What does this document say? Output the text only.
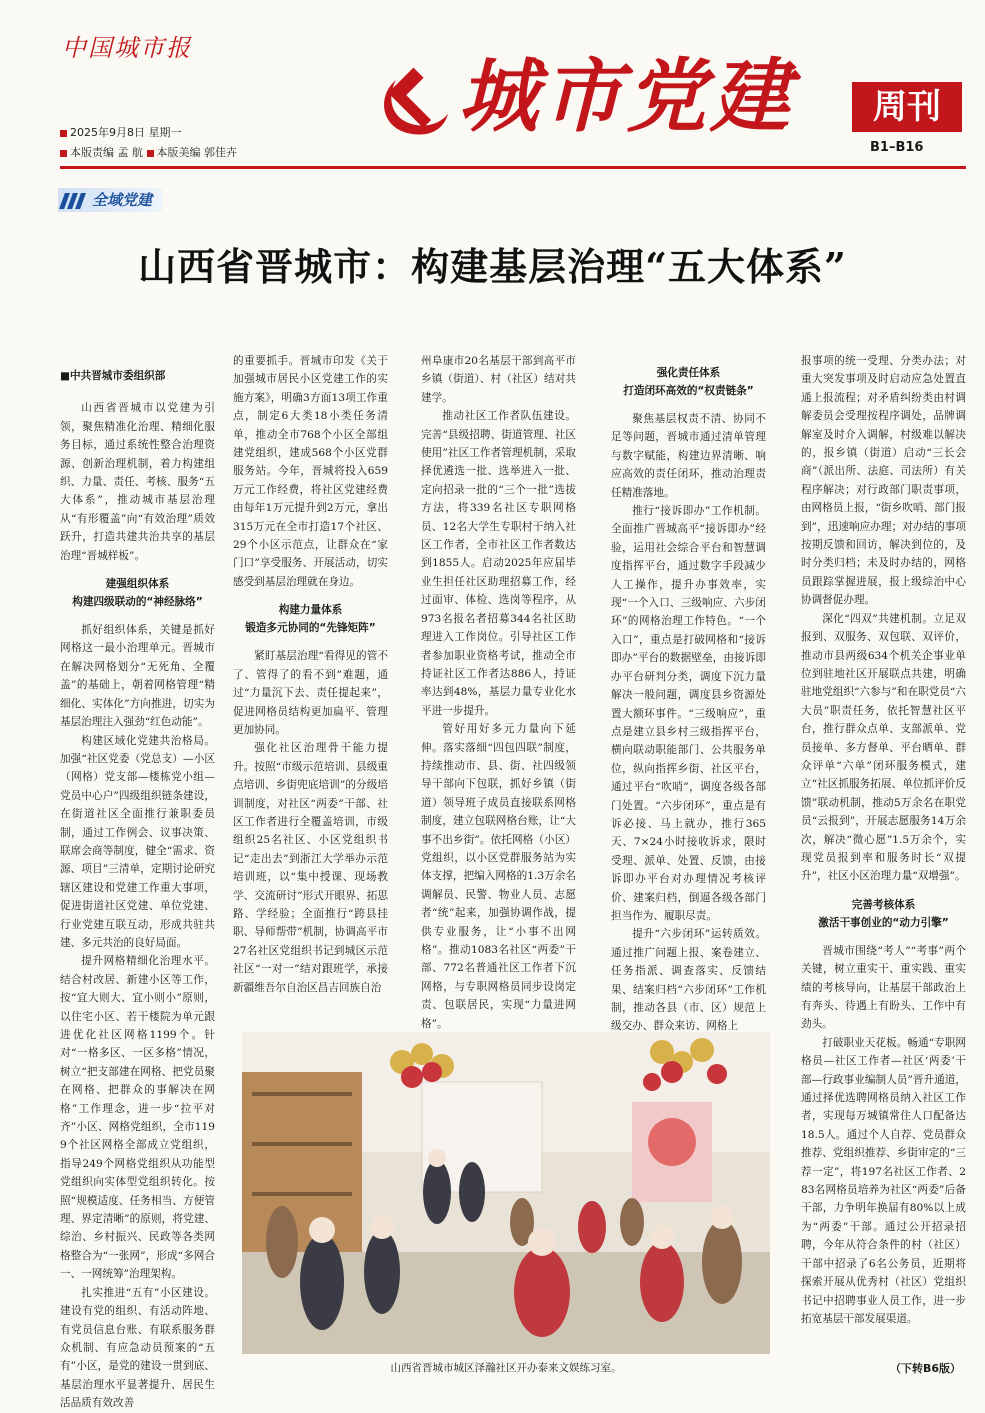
中国城市报
2025年9月8日 星期一
本版责编 孟 航 本版美编 郭佳卉
城市党建	周刊
B1–B16
全域党建
山西省晋城市：构建基层治理“五大体系”

■中共晋城市委组织部

山西省晋城市以党建为引领，聚焦精准化治理、精细化服务目标，通过系统性整合治理资源、创新治理机制，着力构建组织、力量、责任、考核、服务“五大体系”，推动城市基层治理从“有形覆盖”向“有效治理”质效跃升，打造共建共治共享的基层治理“晋城样板”。

建强组织体系
构建四级联动的“神经脉络”

抓好组织体系，关键是抓好网格这一最小治理单元。晋城市在解决网格划分“无死角、全覆盖”的基础上，朝着网格管理“精细化、实体化”方向推进，切实为基层治理注入强劲“红色动能”。

构建区域化党建共治格局。加强“社区党委（党总支）—小区（网格）党支部—楼栋党小组—党员中心户”四级组织链条建设，在街道社区全面推行兼职委员制，通过工作例会、议事决策、联席会商等制度，健全“需求、资源、项目”三清单，定期讨论研究辖区建设和党建工作重大事项，促进街道社区党建、单位党建、行业党建互联互动，形成共驻共建、多元共治的良好局面。

提升网格精细化治理水平。结合村改居、新建小区等工作，按“宜大则大、宜小则小”原则，以住宅小区、若干楼院为单元跟进优化社区网格1199个。针对“一格多区、一区多格”情况，树立“把支部建在网格、把党员聚在网格、把群众的事解决在网格”工作理念，进一步“拉平对齐”小区、网格党组织，全市1199个社区网格全部成立党组织，指导249个网格党组织从功能型党组织向实体型党组织转化。按照“规模适度、任务相当、方便管理、界定清晰”的原则，将党建、综治、乡村振兴、民政等各类网格整合为“一张网”，形成“多网合一、一网统筹”治理架构。

扎实推进“五有”小区建设。建设有党的组织、有活动阵地、有党员信息台账、有联系服务群众机制、有应急动员预案的“五有”小区，是党的建设一贯到底、基层治理水平显著提升、居民生活品质有效改善

的重要抓手。晋城市印发《关于加强城市居民小区党建工作的实施方案》，明确3方面13项工作重点，制定6大类18小类任务清单，推动全市768个小区全部组建党组织，建成568个小区党群服务站。今年，晋城将投入659万元工作经费，将社区党建经费由每年1万元提升到2万元，拿出315万元在全市打造17个社区、29个小区示范点，让群众在“家门口”享受服务、开展活动，切实感受到基层治理就在身边。

构建力量体系
锻造多元协同的“先锋矩阵”

紧盯基层治理“看得见的管不了、管得了的看不到”难题，通过“力量沉下去、责任提起来”，促进网格员结构更加扁平、管理更加协同。

强化社区治理骨干能力提升。按照“市级示范培训、县级重点培训、乡街兜底培训”的分级培训制度，对社区“两委”干部、社区工作者进行全覆盖培训，市级组织25名社区、小区党组织书记“走出去”到浙江大学举办示范培训班，以“集中授课、现场教学、交流研讨”形式开眼界、拓思路、学经验；全面推行“跨县挂职、导师帮带”机制，协调高平市27名社区党组织书记到城区示范社区“一对一”结对跟班学，承接新疆维吾尔自治区昌吉回族自治

州阜康市20名基层干部到高平市乡镇（街道）、村（社区）结对共建学。

推动社区工作者队伍建设。完善“县级招聘、街道管理、社区使用”社区工作者管理机制，采取择优遴选一批、选举进入一批、定向招录一批的“三个一批”选拔方法，将339名社区专职网格员、12名大学生专职村干纳入社区工作者，全市社区工作者数达到1855人。启动2025年应届毕业生担任社区助理招募工作，经过面审、体检、选岗等程序，从973名报名者招募344名社区助理进入工作岗位。引导社区工作者参加职业资格考试，推动全市持证社区工作者达886人，持证率达到48%，基层力量专业化水平进一步提升。

管好用好多元力量向下延伸。落实落细“四包四联”制度，持续推动市、县、街、社四级领导干部向下包联，抓好乡镇（街道）领导班子成员直接联系网格制度，建立包联网格台账，让“大事不出乡街”。依托网格（小区）党组织，以小区党群服务站为实体支撑，把编入网格的1.3万余名调解员、民警、物业人员、志愿者“统”起来，加强协调作战，提供专业服务，让“小事不出网格”。推动1083名社区“两委”干部、772名普通社区工作者下沉网格，与专职网格员同步设岗定责、包联居民，实现“力量进网格”。

强化责任体系
打造闭环高效的“权责链条”

聚焦基层权责不清、协同不足等问题，晋城市通过清单管理与数字赋能，构建边界清晰、响应高效的责任闭环，推动治理责任精准落地。

推行“接诉即办”工作机制。全面推广晋城高平“接诉即办”经验，运用社会综合平台和智慧调度指挥平台，通过数字手段减少人工操作，提升办事效率，实现“一个入口、三级响应、六步闭环”的网格治理工作特色。“一个入口”，重点是打破网格和“接诉即办”平台的数据壁垒，由接诉即办平台研判分类，调度下沉力量解决一般问题，调度县乡资源处置大额环事件。“三级响应”，重点是建立县乡村三级指挥平台，横向联动职能部门、公共服务单位，纵向指挥乡街、社区平台，通过平台“吹哨”，调度各级各部门处置。“六步闭环”，重点是有诉必接、马上就办，推行365天、7×24小时接收诉求，限时受理、派单、处置、反馈，由接诉即办平台对办理情况考核评价、建案归档，倒逼各级各部门担当作为、履职尽责。

提升“六步闭环”运转质效。通过推广问题上报、案卷建立、任务指派、调查落实、反馈结果、结案归档“六步闭环”工作机制，推动各县（市、区）规范上级交办、群众来访、网格上

报事项的统一受理、分类办法；对重大突发事项及时启动应急处置直通上报流程；对矛盾纠纷类由村调解委员会受理按程序调处，品牌调解室及时介入调解，村级难以解决的，报乡镇（街道）启动“三长会商”（派出所、法庭、司法所）有关程序解决；对行政部门职责事项，由网格员上报，“街乡吹哨、部门报到”，迅速响应办理；对办结的事项按期反馈和回访，解决到位的，及时分类归档；未及时办结的，网格员跟踪掌握进展，报上级综治中心协调督促办理。

深化“四双”共建机制。立足双报到、双服务、双包联、双评价，推动市县两级634个机关企事业单位到驻地社区开展联点共建，明确驻地党组织“六参与”和在职党员“六大员”职责任务，依托智慧社区平台，推行群众点单、支部派单、党员接单、多方督单、平台晒单、群众评单“六单”闭环服务模式，建立“社区抓服务拓展、单位抓评价反馈”联动机制，推动5万余名在职党员“云报到”，开展志愿服务14万余次，解决“微心愿”1.5万余个，实现党员报到率和服务时长“双提升”，社区小区治理力量“双增强”。

完善考核体系
激活干事创业的“动力引擎”

晋城市围绕“考人”“考事”两个关键，树立重实干、重实践、重实绩的考核导向，让基层干部政治上有奔头、待遇上有盼头、工作中有劲头。

打破职业天花板。畅通“专职网格员—社区工作者—社区‘两委’干部—行政事业编制人员”晋升通道，通过择优选聘网格员纳入社区工作者，实现每万城镇常住人口配备达18.5人。通过个人自荐、党员群众推荐、党组织推荐、乡街审定的“三荐一定”，将197名社区工作者、283名网格员培养为社区“两委”后备干部，力争明年换届有80%以上成为“两委”干部。通过公开招录招聘，今年从符合条件的村（社区）干部中招录了6名公务员，近期将探索开展从优秀村（社区）党组织书记中招聘事业人员工作，进一步拓宽基层干部发展渠道。

山西省晋城市城区泽瀚社区开办泰来文娱练习室。	（下转B6版）
